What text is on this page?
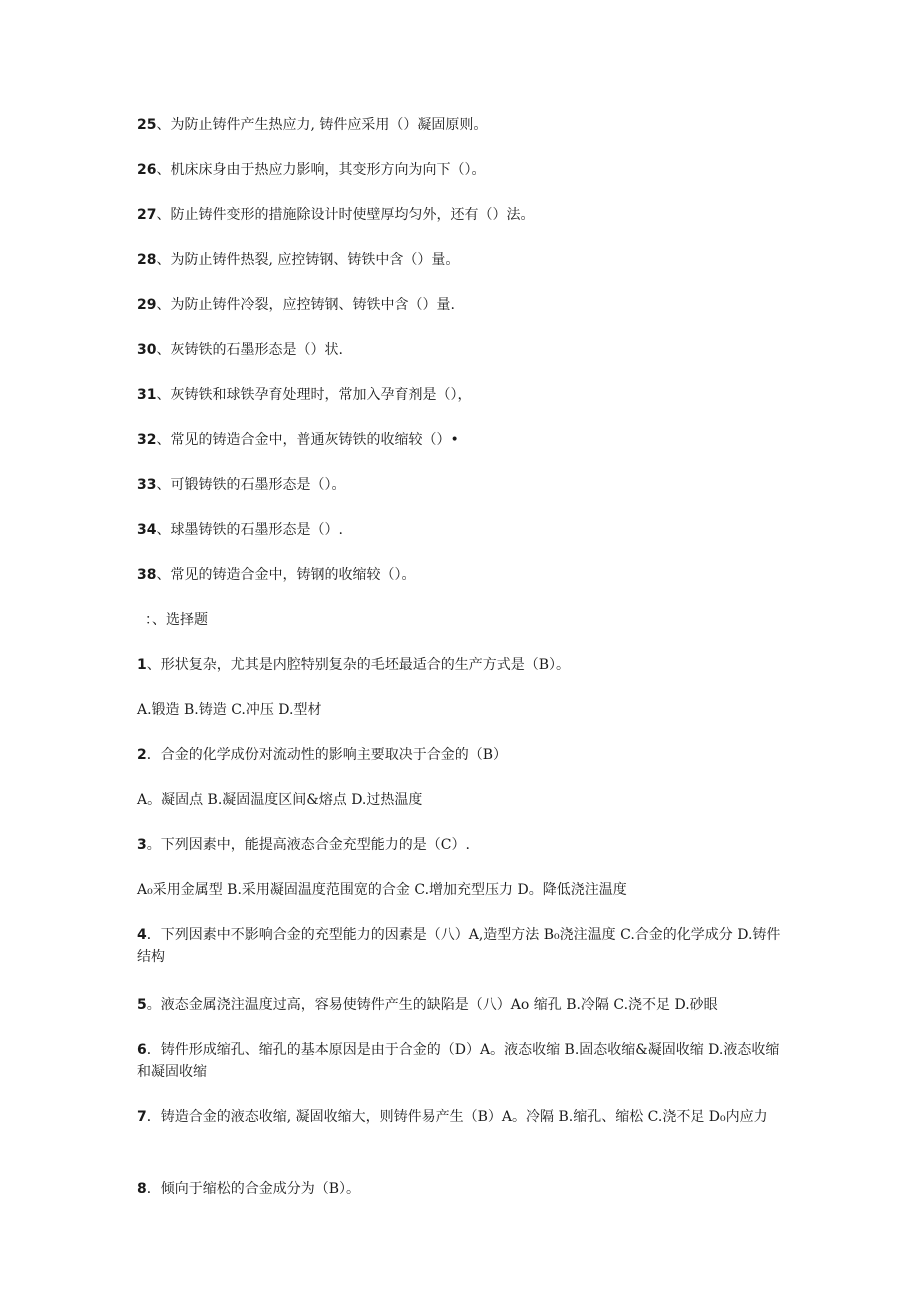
25、为防止铸件产生热应力, 铸件应采用（）凝固原则。
26、机床床身由于热应力影响，其变形方向为向下（）。
27、防止铸件变形的措施除设计时使壁厚均匀外，还有（）法。
28、为防止铸件热裂, 应控铸钢、铸铁中含（）量。
29、为防止铸件冷裂，应控铸钢、铸铁中含（）量.
30、灰铸铁的石墨形态是（）状.
31、灰铸铁和球铁孕育处理时，常加入孕育剂是（），
32、常见的铸造合金中，普通灰铸铁的收缩较（）•
33、可锻铸铁的石墨形态是（）。
34、球墨铸铁的石墨形态是（）.
38、常见的铸造合金中，铸钢的收缩较（）。
：、选择题
1、形状复杂，尤其是内腔特别复杂的毛坯最适合的生产方式是（B）。
A.锻造 B.铸造 C.冲压 D.型材
2．合金的化学成份对流动性的影响主要取决于合金的（B）
A。凝固点 B.凝固温度区间&熔点 D.过热温度
3。下列因素中，能提高液态合金充型能力的是（C）.
A₀采用金属型 B.采用凝固温度范围宽的合金 C.增加充型压力 D。降低浇注温度
4．下列因素中不影响合金的充型能力的因素是（八）A,造型方法 B₀浇注温度 C.合金的化学成分 D.铸件结构
5。液态金属浇注温度过高，容易使铸件产生的缺陷是（八）Ao 缩孔 B.冷隔 C.浇不足 D.砂眼
6．铸件形成缩孔、缩孔的基本原因是由于合金的（D）A。液态收缩 B.固态收缩&凝固收缩 D.液态收缩和凝固收缩
7．铸造合金的液态收缩, 凝固收缩大，则铸件易产生（B）A。冷隔 B.缩孔、缩松 C.浇不足 D₀内应力
8．倾向于缩松的合金成分为（B）。
